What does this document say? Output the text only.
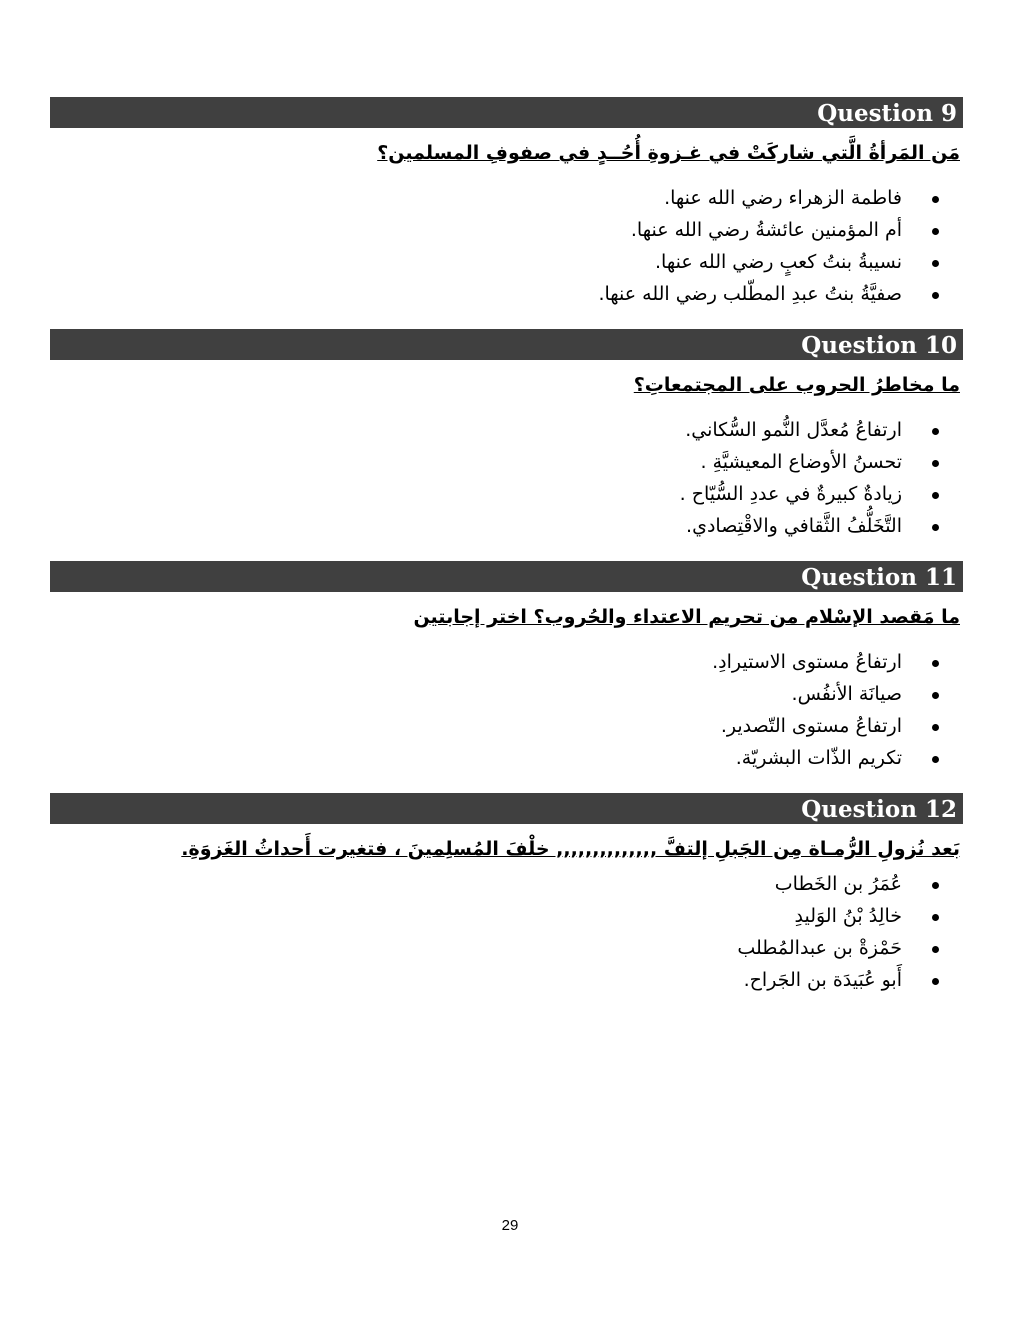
Question 9
مَن المَرأةُ الَّتي شاركَتْ في غـزوةِ أُحُــدٍ في صفوفِ المسلمين؟
فاطمة الزهراء رضي الله عنها.
أم المؤمنين عائشةُ رضي الله عنها.
نسيبةُ بنتُ كعبٍ رضي الله عنها.
صفيَّةُ بنتُ عبدِ المطّلب رضي الله عنها.
Question 10
ما مخاطرُ الحروب على المجتمعاتِ؟
ارتفاعُ مُعدَّل النُّمو السُّكاني.
تحسنُ الأوضاع المعيشيَّةِ .
زيادةٌ كبيرةٌ في عددِ السُّيّاح .
التَّخَلُّفُ الثَّقافي والاقْتِصادي.
Question 11
ما مَقصد الإسْلام من تحريم الاعتداء والحُروب؟ اختر إجابتين
ارتفاعُ مستوى الاستيرادِ.
صيانَة الأنفُس.
ارتفاعُ مستوى التّصدير.
تكريم الذّات البشريّة.
Question 12
بَعد نُزولِ الرُّمـاة مِن الجَبلِ إلتفَّ ,,,,,,,,,,,,,, خلْفَ المُسلِمينَ ، فتغيرت أَحداثُ الغَزوَةِ.
عُمَرُ بن الخَطاب
خالِدُ بْنُ الوَليدِ
حَمْزةْ بن عبدالمُطلب
أَبو عُبَيدَة بن الجَراح.
29
